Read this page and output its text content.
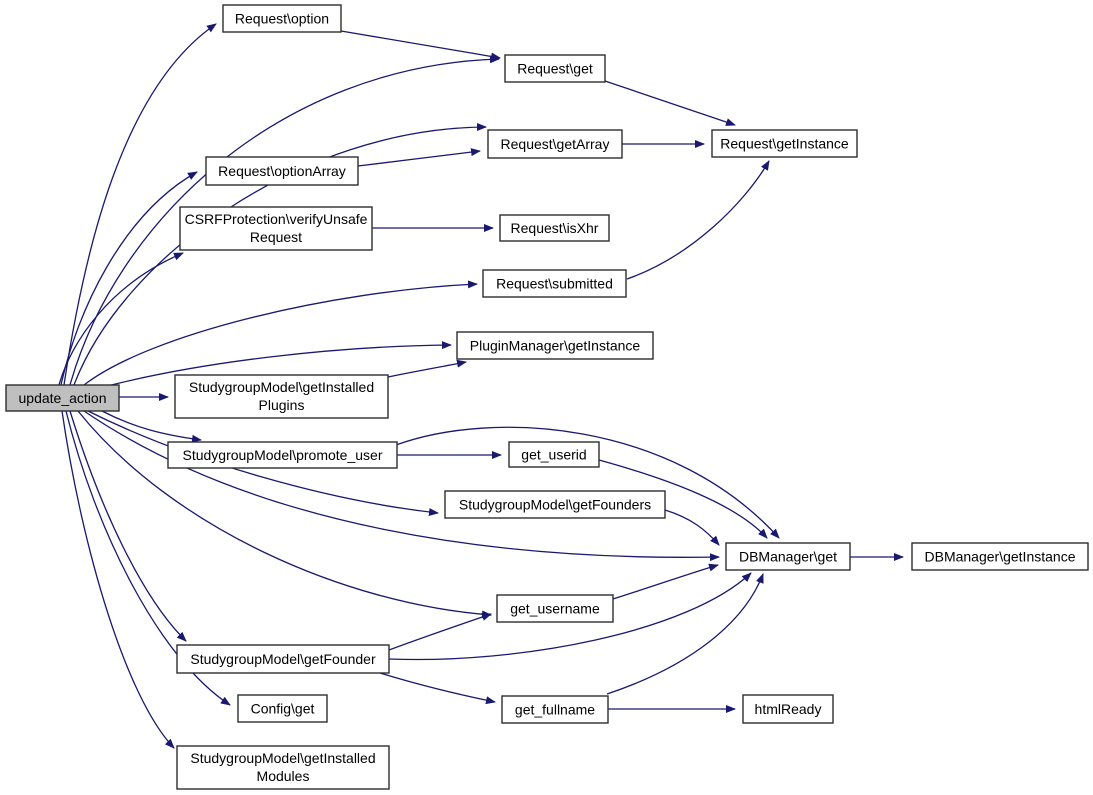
update_action
Request\option
Request\get
Request\getArray	Request\getInstance
Request\optionArray
CSRFProtection\verifyUnsafe
Request
Request\isXhr
Request\submitted
PluginManager\getInstance
StudygroupModel\getInstalled
Plugins
StudygroupModel\promote_user	get_userid
StudygroupModel\getFounders
DBManager\get	DBManager\getInstance
get_username
StudygroupModel\getFounder
Config\get	get_fullname	htmlReady
StudygroupModel\getInstalled
Modules
